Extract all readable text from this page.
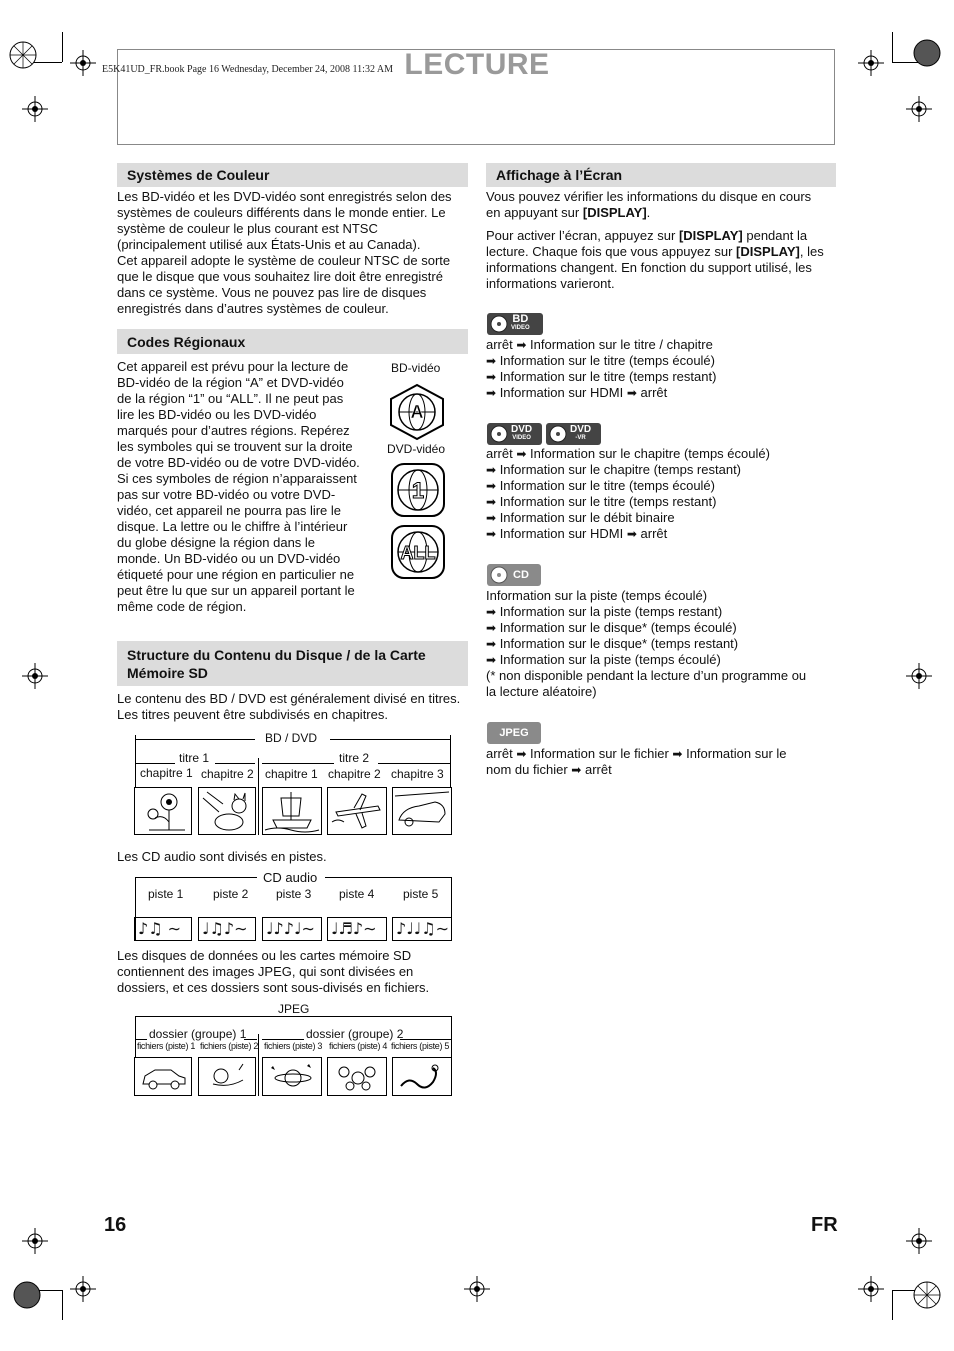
E5K41UD_FR.book Page 16 Wednesday, December 24, 2008 11:32 AM LECTURE
Systèmes de Couleur
Les BD-vidéo et les DVD-vidéo sont enregistrés selon des
systèmes de couleurs différents dans le monde entier. Le
système de couleur le plus courant est NTSC
(principalement utilisé aux États-Unis et au Canada).
Cet appareil adopte le système de couleur NTSC de sorte
que le disque que vous souhaitez lire doit être enregistré
dans ce système. Vous ne pouvez pas lire de disques
enregistrés dans d’autres systèmes de couleur.
Codes Régionaux
Cet appareil est prévu pour la lecture de
BD-vidéo de la région “A” et DVD-vidéo
de la région “1” ou “ALL”. Il ne peut pas
lire les BD-vidéo ou les DVD-vidéo
marqués pour d’autres régions. Repérez
les symboles qui se trouvent sur la droite
de votre BD-vidéo ou de votre DVD-vidéo.
Si ces symboles de région n’apparaissent
pas sur votre BD-vidéo ou votre DVD-
vidéo, cet appareil ne pourra pas lire le
disque. La lettre ou le chiffre à l’intérieur
du globe désigne la région dans le
monde. Un BD-vidéo ou un DVD-vidéo
étiqueté pour une région en particulier ne
peut être lu que sur un appareil portant le
même code de région.
BD-vidéo
A
DVD-vidéo
1
ALL
Structure du Contenu du Disque / de la Carte
Mémoire SD
Le contenu des BD / DVD est généralement divisé en titres.
Les titres peuvent être subdivisés en chapitres.
BD / DVD
titre 1	titre 2
chapitre 1 chapitre 2 chapitre 1 chapitre 2 chapitre 3
Les CD audio sont divisés en pistes.
CD audio
piste 1 piste 2 piste 3 piste 4 piste 5
♪♫ ∼	♩♫♪∼	♩♪♪♩∼	♩♬♪∼	♪♩♩♫∼
Les disques de données ou les cartes mémoire SD
contiennent des images JPEG, qui sont divisées en
dossiers, et ces dossiers sont sous-divisés en fichiers.
JPEG
dossier (groupe) 1	dossier (groupe) 2
fichiers (piste) 1 fichiers (piste) 2 fichiers (piste) 3 fichiers (piste) 4 fichiers (piste) 5
Affichage à l’Écran
Vous pouvez vérifier les informations du disque en cours
en appuyant sur [DISPLAY].
Pour activer l’écran, appuyez sur [DISPLAY] pendant la
lecture. Chaque fois que vous appuyez sur [DISPLAY], les
informations changent. En fonction du support utilisé, les
informations varieront.
BD
VIDEO
arrêt ➡ Information sur le titre / chapitre
➡ Information sur le titre (temps écoulé)
➡ Information sur le titre (temps restant)
➡ Information sur HDMI ➡ arrêt
DVD
VIDEO
DVD
-VR
arrêt ➡ Information sur le chapitre (temps écoulé)
➡ Information sur le chapitre (temps restant)
➡ Information sur le titre (temps écoulé)
➡ Information sur le titre (temps restant)
➡ Information sur le débit binaire
➡ Information sur HDMI ➡ arrêt
CD
Information sur la piste (temps écoulé)
➡ Information sur la piste (temps restant)
➡ Information sur le disque* (temps écoulé)
➡ Information sur le disque* (temps restant)
➡ Information sur la piste (temps écoulé)
(* non disponible pendant la lecture d’un programme ou
la lecture aléatoire)
JPEG
arrêt ➡ Information sur le fichier ➡ Information sur le
nom du fichier ➡ arrêt
16	FR
